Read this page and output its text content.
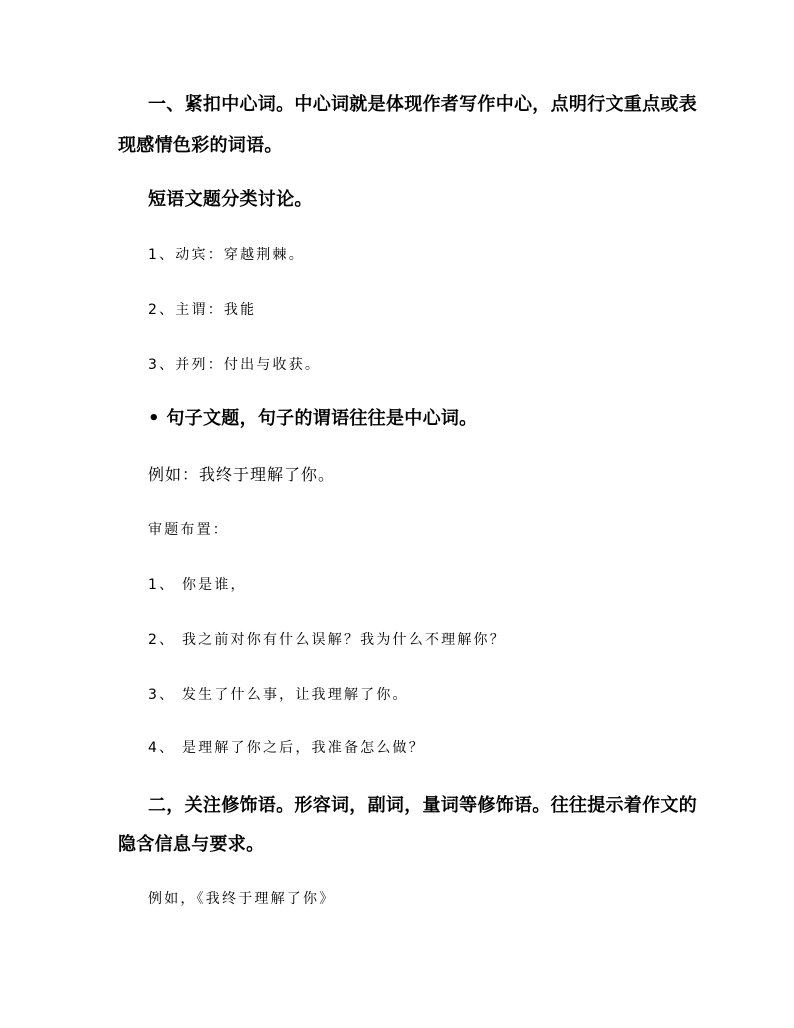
一、紧扣中心词。中心词就是体现作者写作中心，点明行文重点或表
现感情色彩的词语。
短语文题分类讨论。
1、动宾：穿越荆棘。
2、主谓：我能
3、并列：付出与收获。
• 句子文题，句子的谓语往往是中心词。
例如：我终于理解了你。
审题布置：
1、 你是谁，
2、 我之前对你有什么误解？我为什么不理解你？
3、 发生了什么事，让我理解了你。
4、 是理解了你之后，我准备怎么做？
二，关注修饰语。形容词，副词，量词等修饰语。往往提示着作文的
隐含信息与要求。
例如，《我终于理解了你》
